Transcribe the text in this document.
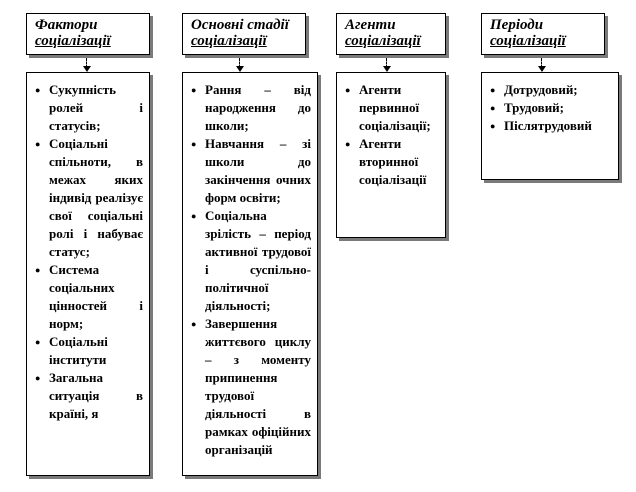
Фактори
соціалізації
● Сукупність ролей і статусів;
● Соціальні спільноти, в межах яких індивід реалізує свої соціальні ролі і набуває статус;
● Система соціальних цінностей і норм;
● Соціальні інститути
● Загальна ситуація в країні, я
Основні стадії
соціалізації
● Рання – від народження до школи;
● Навчання – зі школи до закінчення очних форм освіти;
● Соціальна зрілість – період активної трудової і суспільно-політичної діяльності;
● Завершення життєвого циклу – з моменту припинення трудової діяльності в рамках офіційних організацій
Агенти
соціалізації
● Агенти первинної соціалізації;
● Агенти вторинної соціалізації
Періоди
соціалізації
● Дотрудовий;
● Трудовий;
● Післятрудовий
